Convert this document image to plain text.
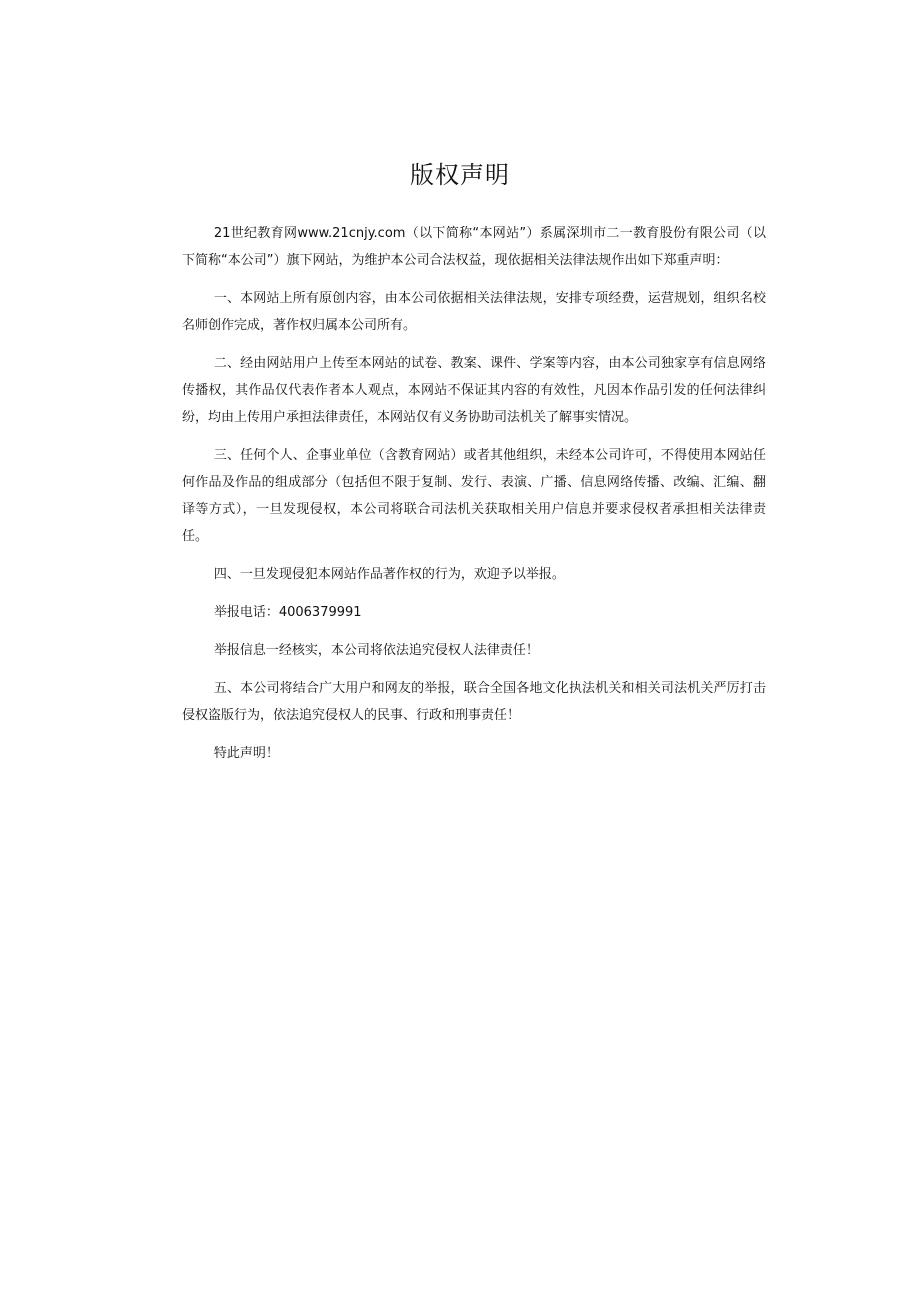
版权声明

21世纪教育网www.21cnjy.com（以下简称“本网站”）系属深圳市二一教育股份有限公司（以下简称“本公司”）旗下网站，为维护本公司合法权益，现依据相关法律法规作出如下郑重声明：

一、本网站上所有原创内容，由本公司依据相关法律法规，安排专项经费，运营规划，组织名校名师创作完成，著作权归属本公司所有。

二、经由网站用户上传至本网站的试卷、教案、课件、学案等内容，由本公司独家享有信息网络传播权，其作品仅代表作者本人观点，本网站不保证其内容的有效性，凡因本作品引发的任何法律纠纷，均由上传用户承担法律责任，本网站仅有义务协助司法机关了解事实情况。

三、任何个人、企事业单位（含教育网站）或者其他组织，未经本公司许可，不得使用本网站任何作品及作品的组成部分（包括但不限于复制、发行、表演、广播、信息网络传播、改编、汇编、翻译等方式），一旦发现侵权，本公司将联合司法机关获取相关用户信息并要求侵权者承担相关法律责任。

四、一旦发现侵犯本网站作品著作权的行为，欢迎予以举报。

举报电话：4006379991

举报信息一经核实，本公司将依法追究侵权人法律责任！

五、本公司将结合广大用户和网友的举报，联合全国各地文化执法机关和相关司法机关严厉打击侵权盗版行为，依法追究侵权人的民事、行政和刑事责任！

特此声明！
